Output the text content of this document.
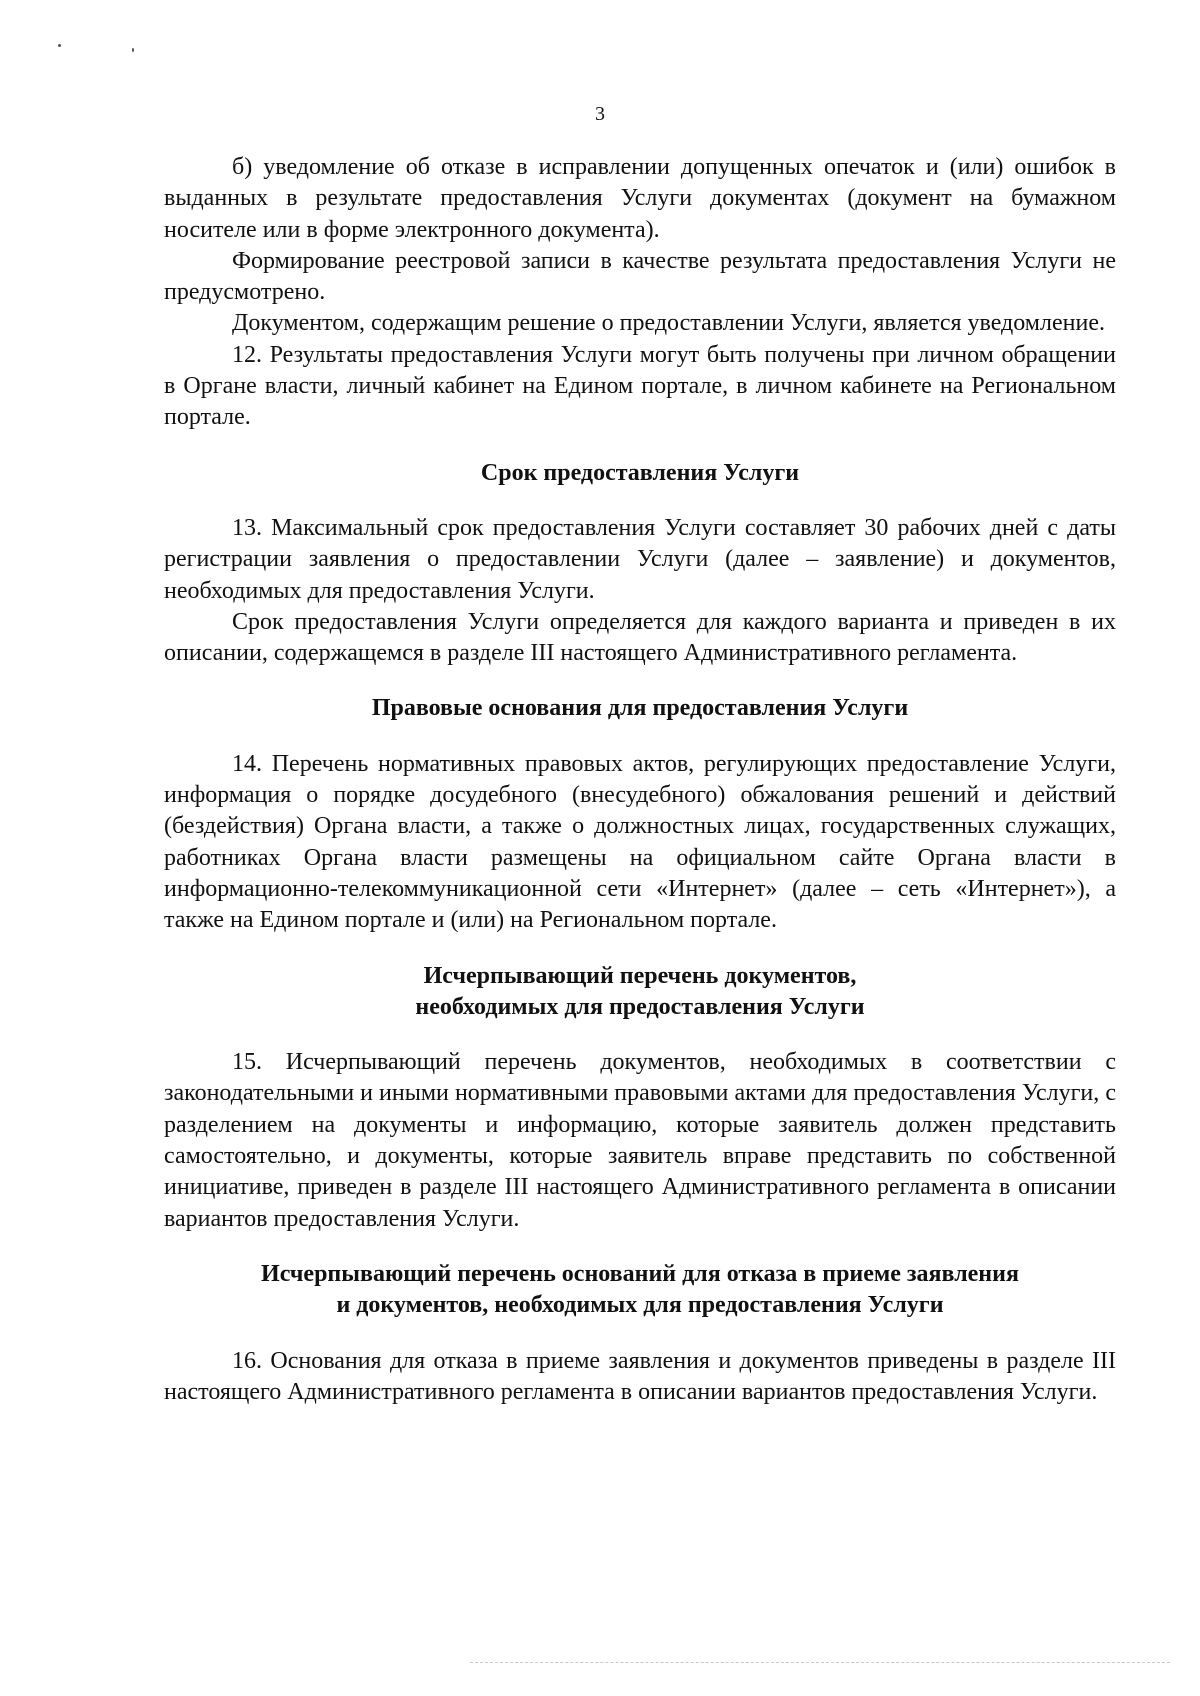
3

б) уведомление об отказе в исправлении допущенных опечаток и (или) ошибок в выданных в результате предоставления Услуги документах (документ на бумажном носителе или в форме электронного документа).

Формирование реестровой записи в качестве результата предоставления Услуги не предусмотрено.

Документом, содержащим решение о предоставлении Услуги, является уведомление.

12. Результаты предоставления Услуги могут быть получены при личном обращении в Органе власти, личный кабинет на Едином портале, в личном кабинете на Региональном портале.

Срок предоставления Услуги

13. Максимальный срок предоставления Услуги составляет 30 рабочих дней с даты регистрации заявления о предоставлении Услуги (далее – заявление) и документов, необходимых для предоставления Услуги.

Срок предоставления Услуги определяется для каждого варианта и приведен в их описании, содержащемся в разделе III настоящего Административного регламента.

Правовые основания для предоставления Услуги

14. Перечень нормативных правовых актов, регулирующих предоставление Услуги, информация о порядке досудебного (внесудебного) обжалования решений и действий (бездействия) Органа власти, а также о должностных лицах, государственных служащих, работниках Органа власти размещены на официальном сайте Органа власти в информационно-телекоммуникационной сети «Интернет» (далее – сеть «Интернет»), а также на Едином портале и (или) на Региональном портале.

Исчерпывающий перечень документов,
необходимых для предоставления Услуги

15. Исчерпывающий перечень документов, необходимых в соответствии с законодательными и иными нормативными правовыми актами для предоставления Услуги, с разделением на документы и информацию, которые заявитель должен представить самостоятельно, и документы, которые заявитель вправе представить по собственной инициативе, приведен в разделе III настоящего Административного регламента в описании вариантов предоставления Услуги.

Исчерпывающий перечень оснований для отказа в приеме заявления
и документов, необходимых для предоставления Услуги

16. Основания для отказа в приеме заявления и документов приведены в разделе III настоящего Административного регламента в описании вариантов предоставления Услуги.
